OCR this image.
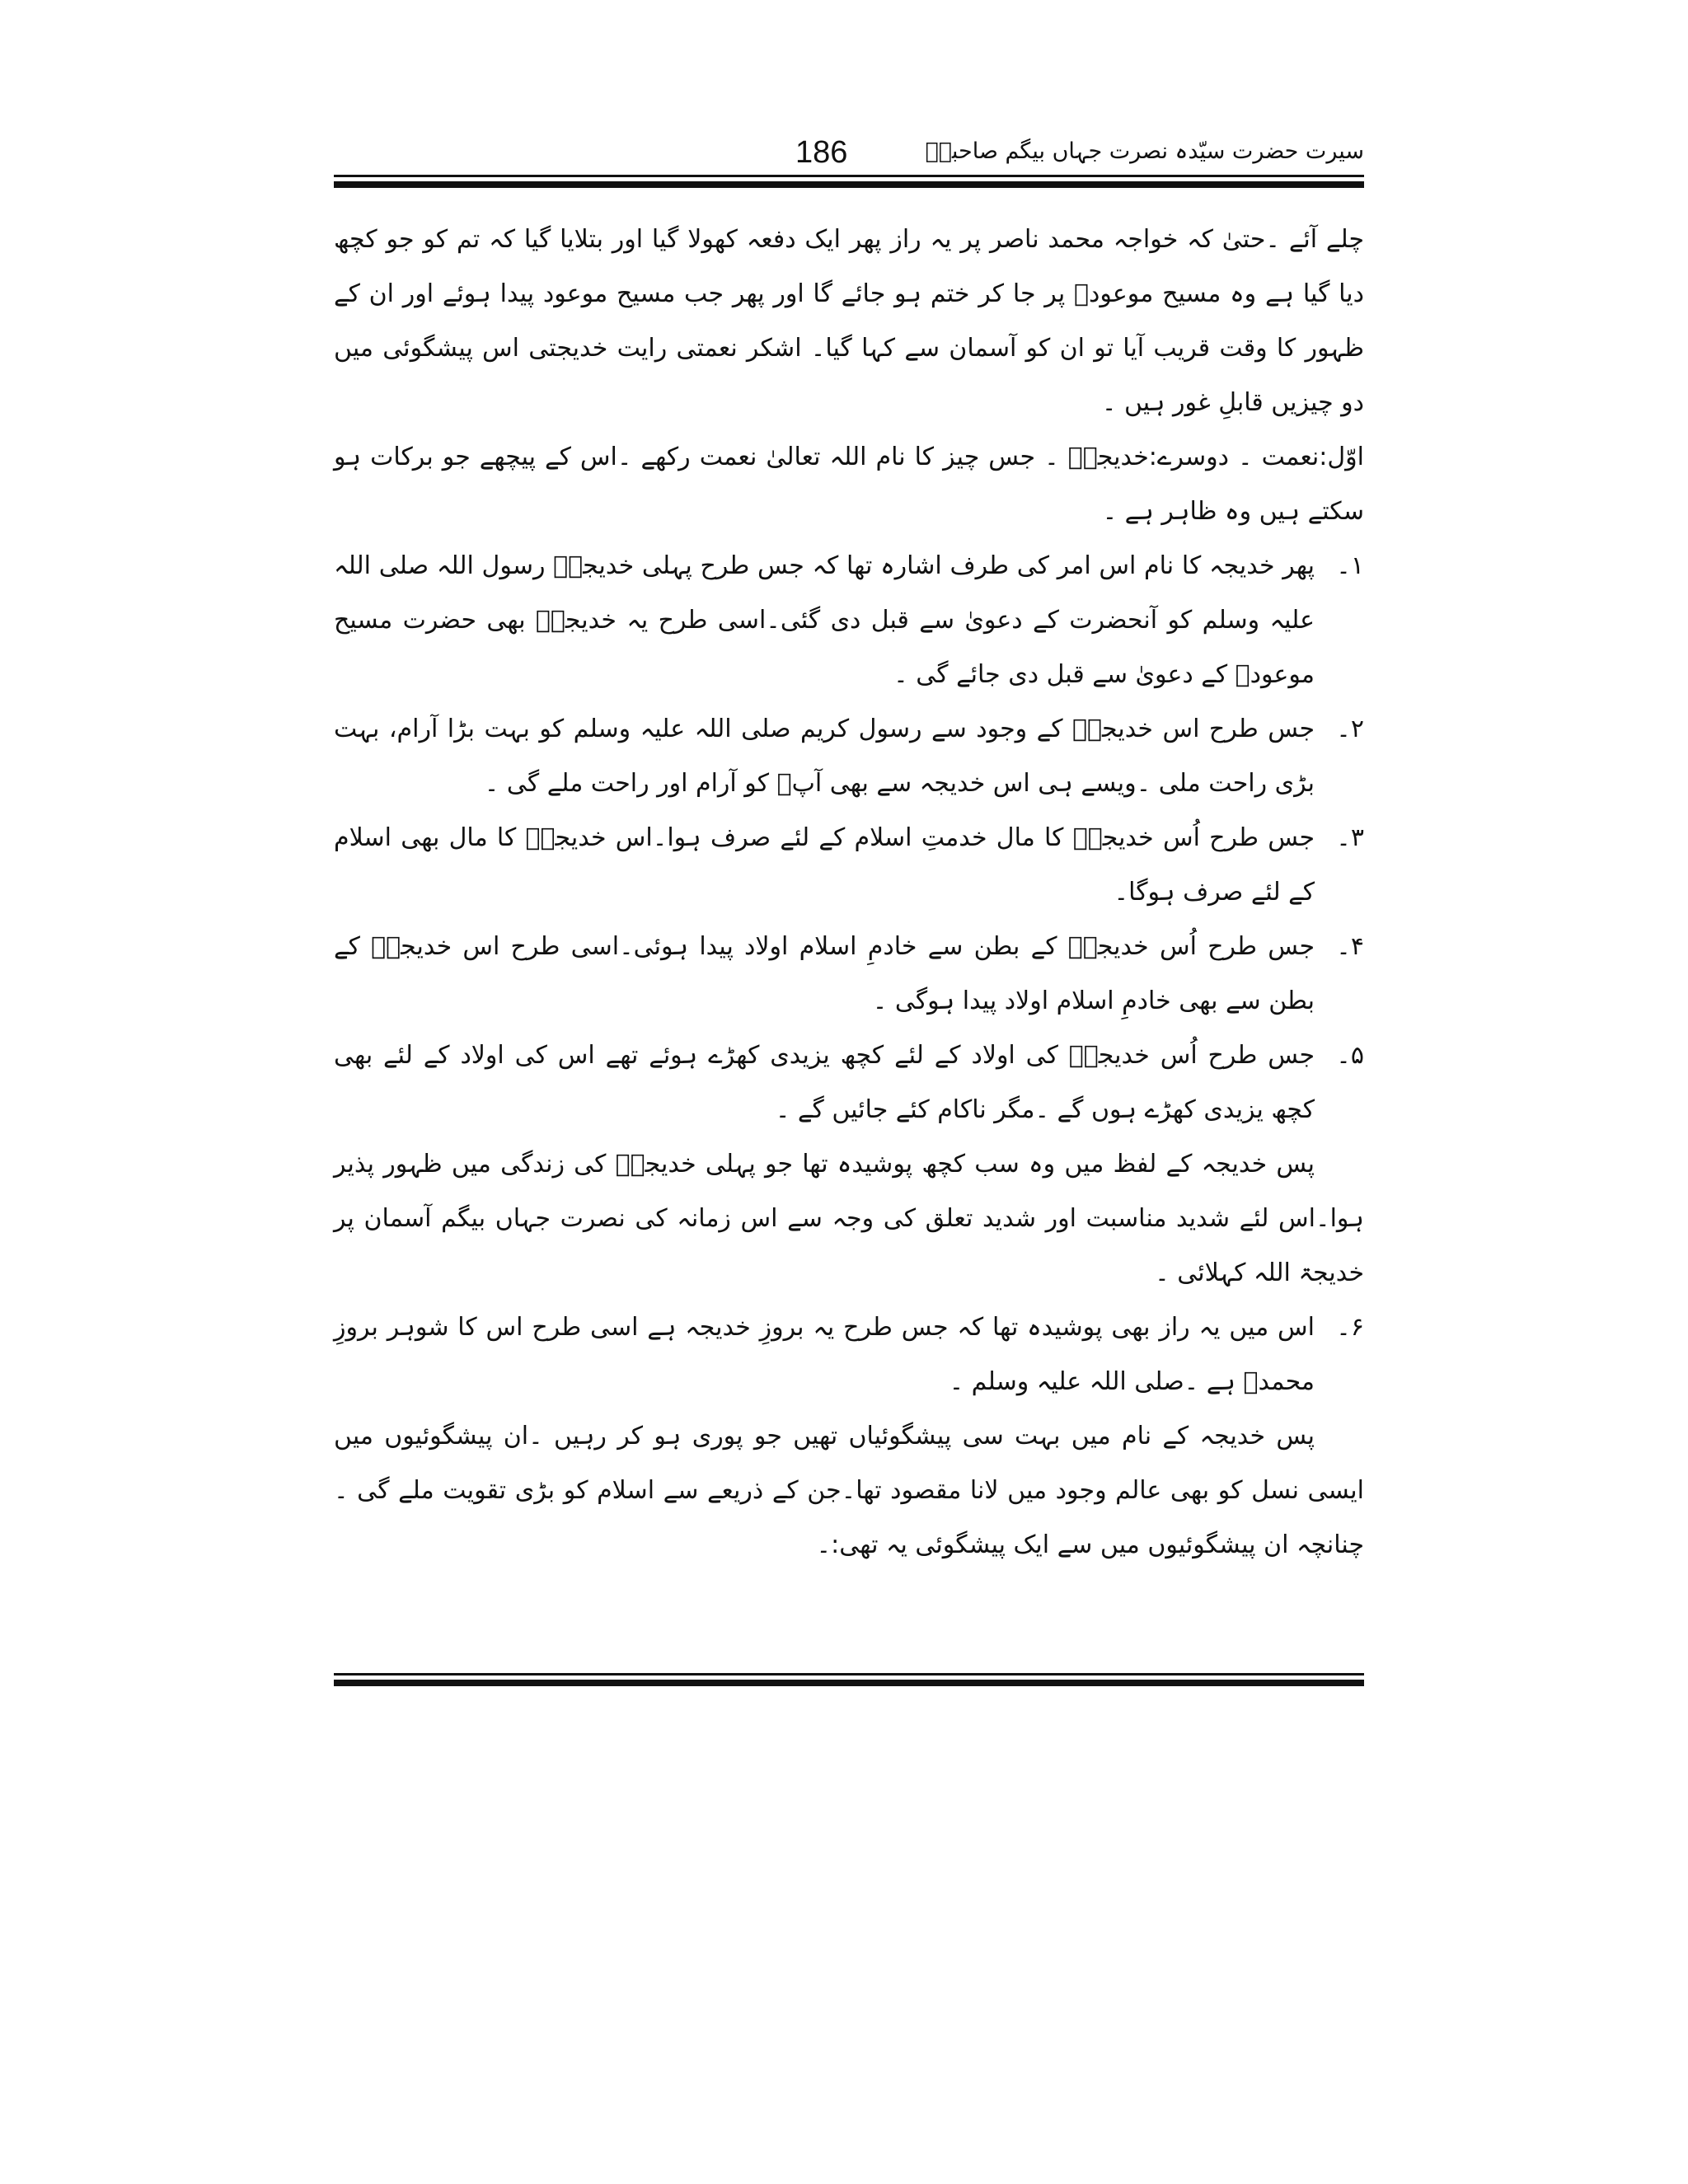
186	سیرت حضرت سیّدہ نصرت جہاں بیگم صاحبہؓ

چلے آئے ۔حتیٰ کہ خواجہ محمد ناصر پر یہ راز پھر ایک دفعہ کھولا گیا اور بتلایا گیا کہ تم کو جو کچھ دیا گیا ہے وہ مسیح موعودؑ پر جا کر ختم ہو جائے گا اور پھر جب مسیح موعود پیدا ہوئے اور ان کے ظہور کا وقت قریب آیا تو ان کو آسمان سے کہا گیا۔ اشکر نعمتی رایت خدیجتی اس پیشگوئی میں دو چیزیں قابلِ غور ہیں ۔

اوّل:نعمت ۔ دوسرے:خدیجہؓ ۔ جس چیز کا نام اللہ تعالیٰ نعمت رکھے ۔اس کے پیچھے جو برکات ہو سکتے ہیں وہ ظاہر ہے ۔

۱۔
پھر خدیجہ کا نام اس امر کی طرف اشارہ تھا کہ جس طرح پہلی خدیجہؓ رسول اللہ صلی اللہ علیہ وسلم کو آنحضرت کے دعویٰ سے قبل دی گئی۔اسی طرح یہ خدیجہؓ بھی حضرت مسیح موعودؑ کے دعویٰ سے قبل دی جائے گی ۔
۲۔
جس طرح اس خدیجہؓ کے وجود سے رسول کریم صلی اللہ علیہ وسلم کو بہت بڑا آرام، بہت بڑی راحت ملی ۔ویسے ہی اس خدیجہ سے بھی آپؑ کو آرام اور راحت ملے گی ۔
۳۔
جس طرح اُس خدیجہؓ کا مال خدمتِ اسلام کے لئے صرف ہوا۔اس خدیجہؓ کا مال بھی اسلام کے لئے صرف ہوگا۔
۴۔
جس طرح اُس خدیجہؓ کے بطن سے خادمِ اسلام اولاد پیدا ہوئی۔اسی طرح اس خدیجہؓ کے بطن سے بھی خادمِ اسلام اولاد پیدا ہوگی ۔
۵۔
جس طرح اُس خدیجہؓ کی اولاد کے لئے کچھ یزیدی کھڑے ہوئے تھے اس کی اولاد کے لئے بھی کچھ یزیدی کھڑے ہوں گے ۔مگر ناکام کئے جائیں گے ۔

پس خدیجہ کے لفظ میں وہ سب کچھ پوشیدہ تھا جو پہلی خدیجہؓ کی زندگی میں ظہور پذیر ہوا۔اس لئے شدید مناسبت اور شدید تعلق کی وجہ سے اس زمانہ کی نصرت جہاں بیگم آسمان پر خدیجۃ اللہ کہلائی ۔

۶۔
اس میں یہ راز بھی پوشیدہ تھا کہ جس طرح یہ بروزِ خدیجہ ہے اسی طرح اس کا شوہر بروزِ محمدؐ ہے ۔صلی اللہ علیہ وسلم ۔

پس خدیجہ کے نام میں بہت سی پیشگوئیاں تھیں جو پوری ہو کر رہیں ۔ان پیشگوئیوں میں ایسی نسل کو بھی عالم وجود میں لانا مقصود تھا۔جن کے ذریعے سے اسلام کو بڑی تقویت ملے گی ۔ چنانچہ ان پیشگوئیوں میں سے ایک پیشگوئی یہ تھی:۔
